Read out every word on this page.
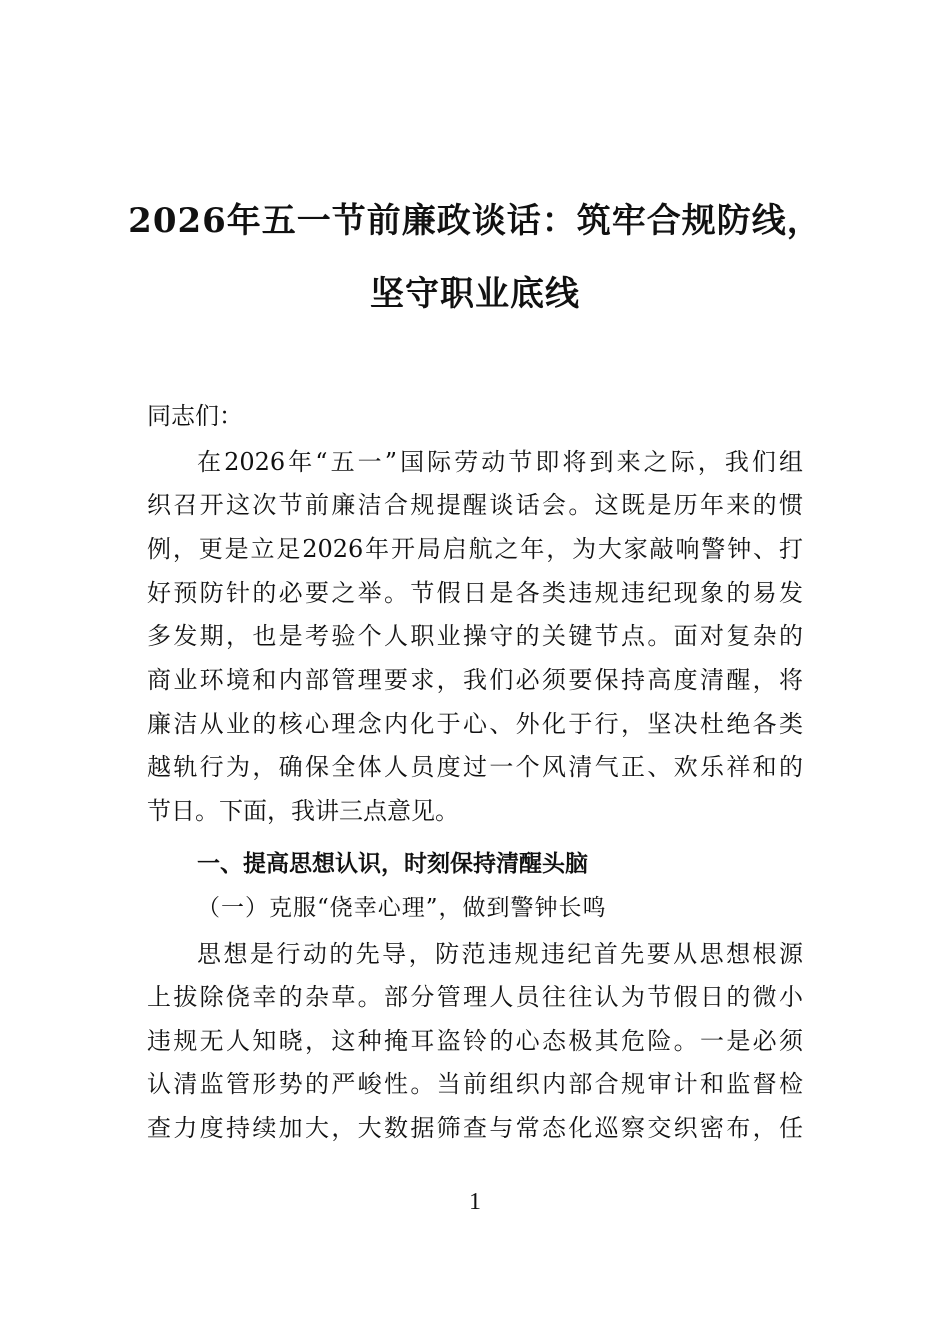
2026年五一节前廉政谈话：筑牢合规防线，
坚守职业底线
同志们：
在2026年“五一”国际劳动节即将到来之际，我们组
织召开这次节前廉洁合规提醒谈话会。这既是历年来的惯
例，更是立足2026年开局启航之年，为大家敲响警钟、打
好预防针的必要之举。节假日是各类违规违纪现象的易发
多发期，也是考验个人职业操守的关键节点。面对复杂的
商业环境和内部管理要求，我们必须要保持高度清醒，将
廉洁从业的核心理念内化于心、外化于行，坚决杜绝各类
越轨行为，确保全体人员度过一个风清气正、欢乐祥和的
节日。下面，我讲三点意见。
一、提高思想认识，时刻保持清醒头脑
（一）克服“侥幸心理”，做到警钟长鸣
思想是行动的先导，防范违规违纪首先要从思想根源
上拔除侥幸的杂草。部分管理人员往往认为节假日的微小
违规无人知晓，这种掩耳盗铃的心态极其危险。一是必须
认清监管形势的严峻性。当前组织内部合规审计和监督检
查力度持续加大，大数据筛查与常态化巡察交织密布，任
1
